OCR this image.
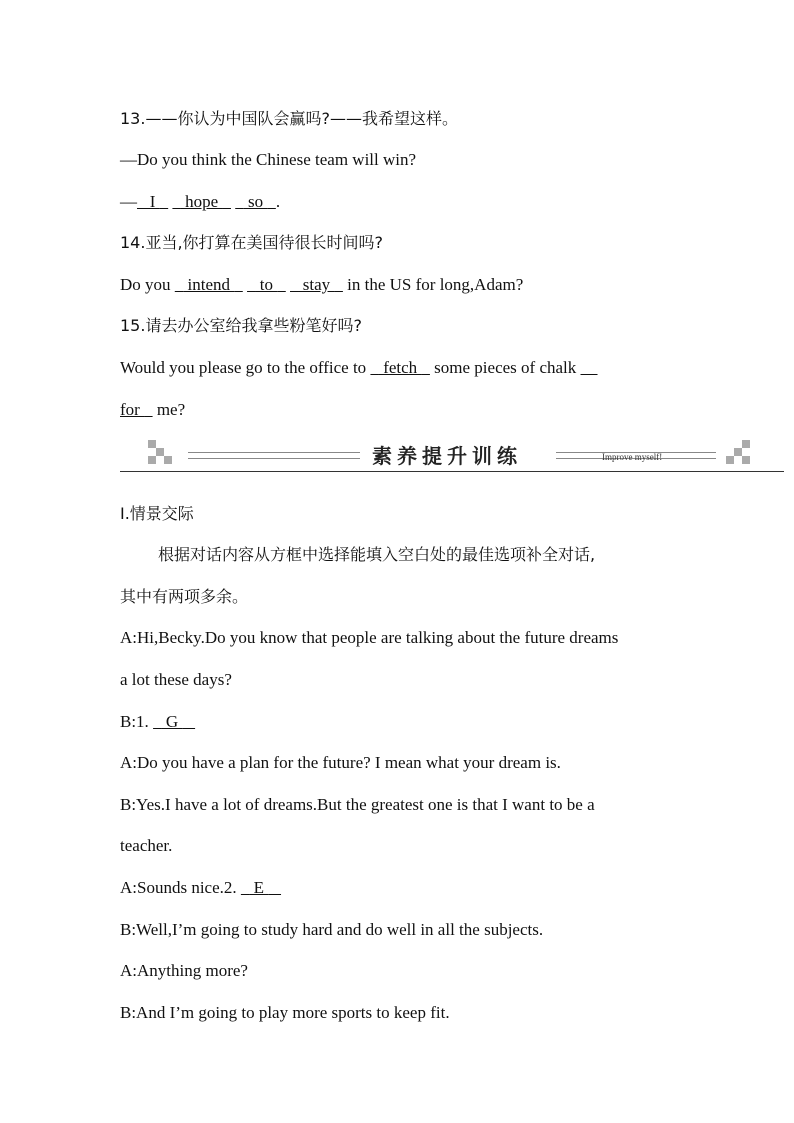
13.——你认为中国队会赢吗?——我希望这样。
—Do you think the Chinese team will win?
—   I       hope       so   .
14.亚当,你打算在美国待很长时间吗?
Do you    intend       to       stay    in the US for long,Adam?
15.请去办公室给我拿些粉笔好吗?
Would you please go to the office to    fetch    some pieces of chalk
for    me?
素养提升训练	Improve myself!
Ⅰ.情景交际
根据对话内容从方框中选择能填入空白处的最佳选项补全对话,
其中有两项多余。
A:Hi,Becky.Do you know that people are talking about the future dreams
a lot these days?
B:1.    G
A:Do you have a plan for the future? I mean what your dream is.
B:Yes.I have a lot of dreams.But the greatest one is that I want to be a
teacher.
A:Sounds nice.2.    E
B:Well,I’m going to study hard and do well in all the subjects.
A:Anything more?
B:And I’m going to play more sports to keep fit.
